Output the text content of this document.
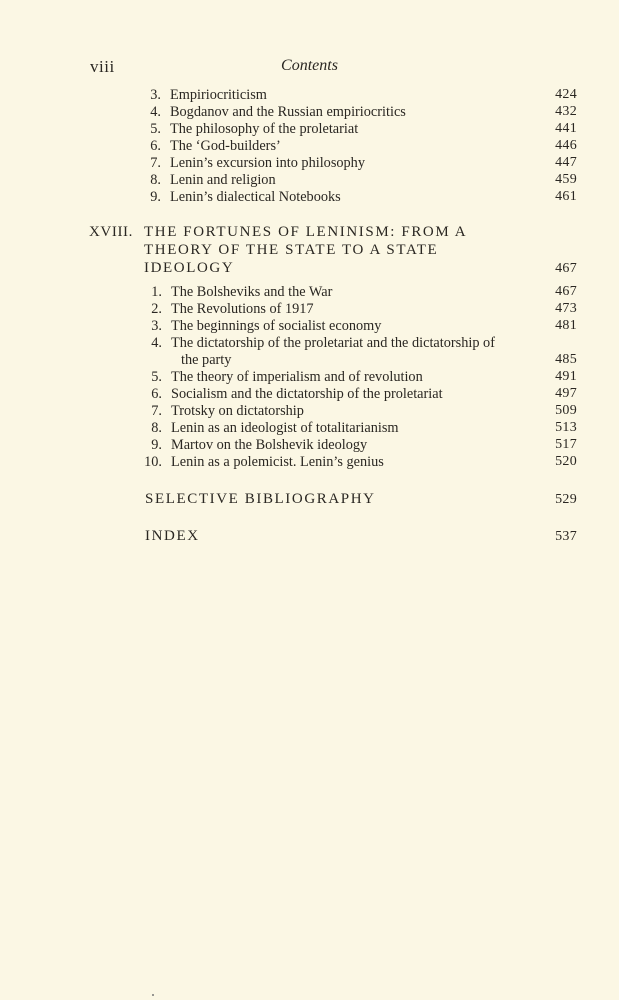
viii	Contents
3. Empiriocriticism	424
4. Bogdanov and the Russian empiriocritics	432
5. The philosophy of the proletariat	441
6. The ‘God-builders’	446
7. Lenin’s excursion into philosophy	447
8. Lenin and religion	459
9. Lenin’s dialectical Notebooks	461
XVIII. THE FORTUNES OF LENINISM: FROM A
THEORY OF THE STATE TO A STATE
IDEOLOGY	467
1. The Bolsheviks and the War	467
2. The Revolutions of 1917	473
3. The beginnings of socialist economy	481
4. The dictatorship of the proletariat and the dictatorship of
the party	485
5. The theory of imperialism and of revolution	491
6. Socialism and the dictatorship of the proletariat	497
7. Trotsky on dictatorship	509
8. Lenin as an ideologist of totalitarianism	513
9. Martov on the Bolshevik ideology	517
10. Lenin as a polemicist. Lenin’s genius	520
SELECTIVE BIBLIOGRAPHY	529
INDEX	537
